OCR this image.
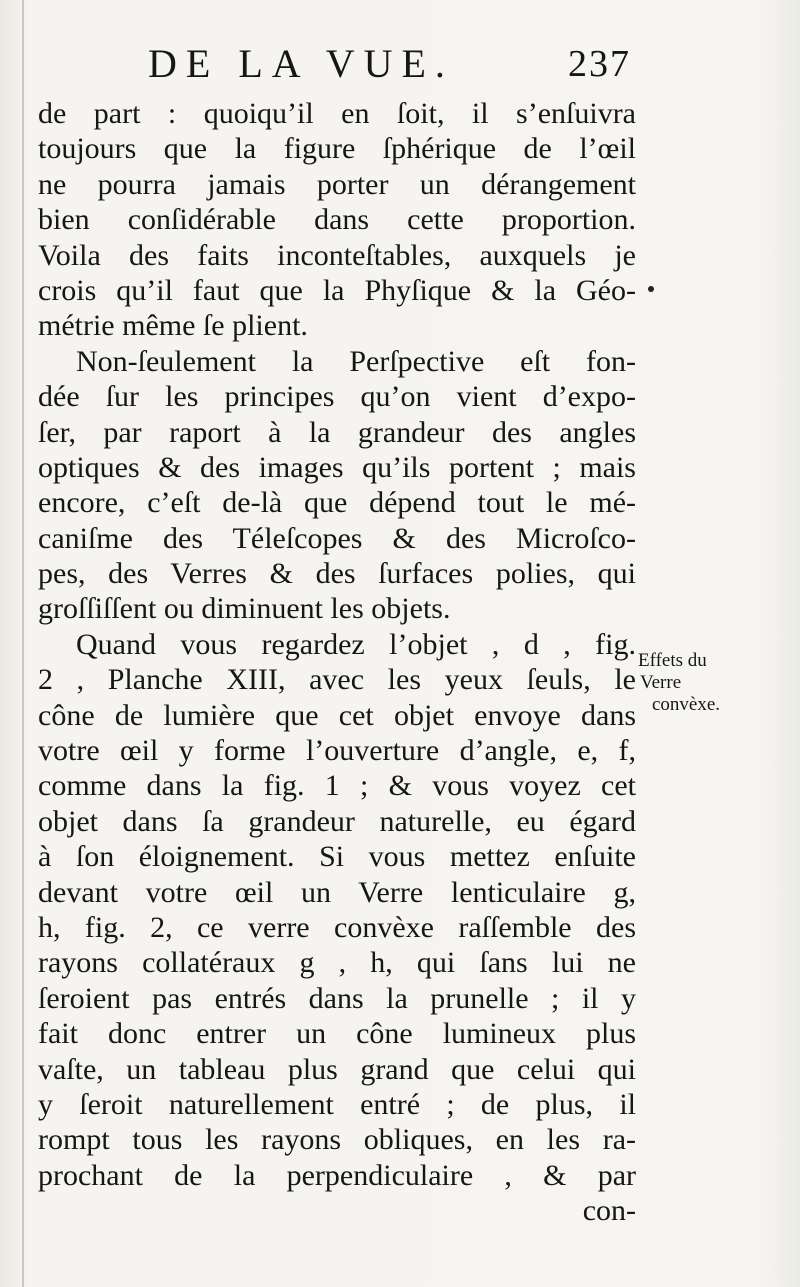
DE LA VUE.	237
de part : quoiqu’il en ſoit, il s’enſuivra
toujours que la figure ſphérique de l’œil
ne pourra jamais porter un dérangement
bien conſidérable dans cette proportion.
Voila des faits inconteſtables, auxquels je
crois qu’il faut que la Phyſique & la Géo-
métrie même ſe plient.
Non-ſeulement la Perſpective eſt fon-
dée ſur les principes qu’on vient d’expo-
ſer, par raport à la grandeur des angles
optiques & des images qu’ils portent ; mais
encore, c’eſt de-là que dépend tout le mé-
caniſme des Téleſcopes & des Microſco-
pes, des Verres & des ſurfaces polies, qui
groſſiſſent ou diminuent les objets.
Quand vous regardez l’objet , d , fig.
2 , Planche XIII, avec les yeux ſeuls, le
cône de lumière que cet objet envoye dans
votre œil y forme l’ouverture d’angle, e, f,
comme dans la fig. 1 ; & vous voyez cet
objet dans ſa grandeur naturelle, eu égard
à ſon éloignement. Si vous mettez enſuite
devant votre œil un Verre lenticulaire g,
h, fig. 2, ce verre convèxe raſſemble des
rayons collatéraux g , h, qui ſans lui ne
ſeroient pas entrés dans la prunelle ; il y
fait donc entrer un cône lumineux plus
vaſte, un tableau plus grand que celui qui
y ſeroit naturellement entré ; de plus, il
rompt tous les rayons obliques, en les ra-
prochant de la perpendiculaire , & par
con-
Effets du
Verre
convèxe.
